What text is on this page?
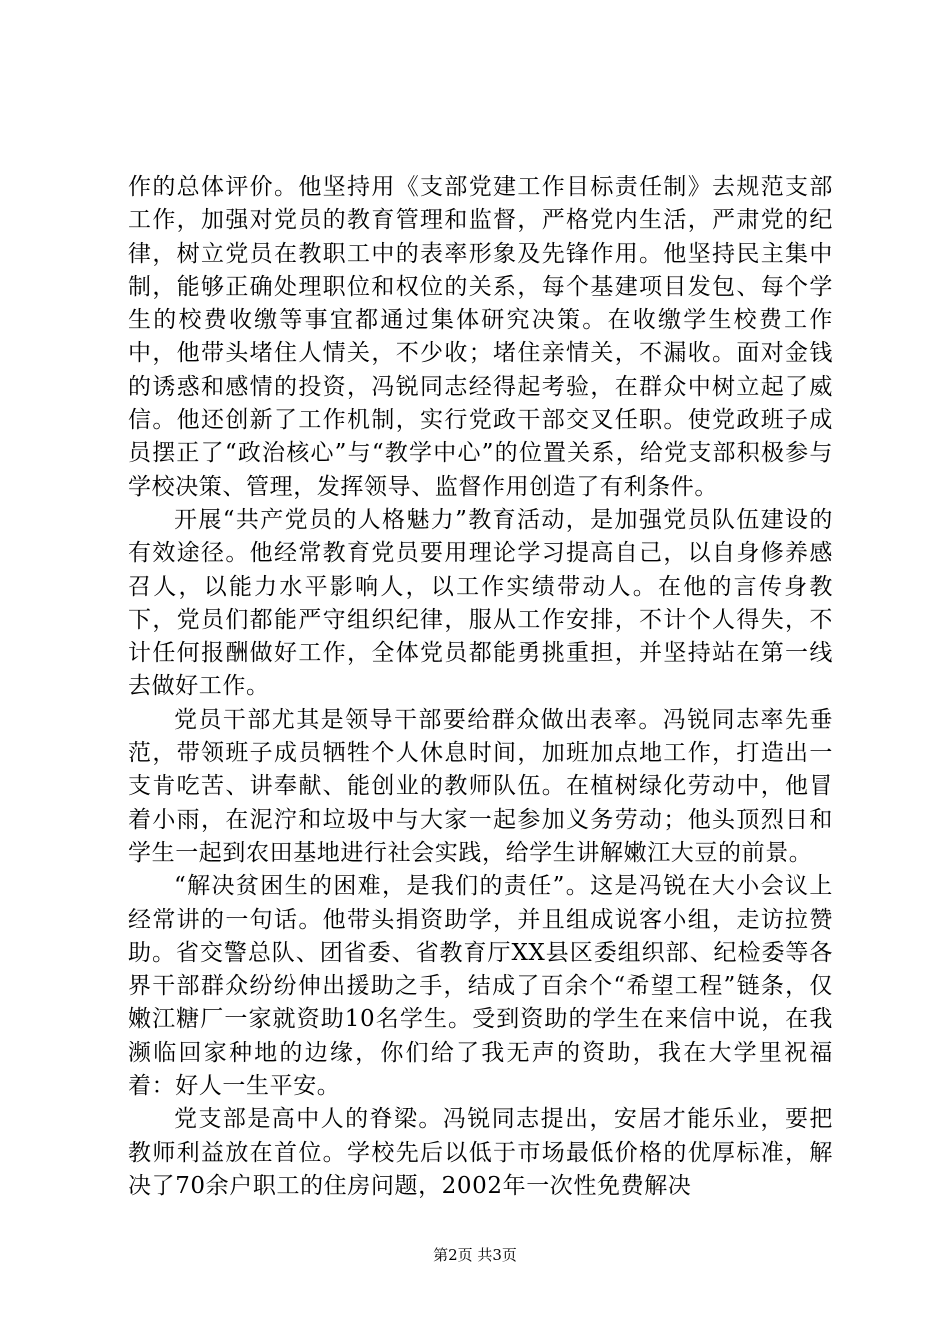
作的总体评价。他坚持用《支部党建工作目标责任制》去规范支部工作，加强对党员的教育管理和监督，严格党内生活，严肃党的纪律，树立党员在教职工中的表率形象及先锋作用。他坚持民主集中制，能够正确处理职位和权位的关系，每个基建项目发包、每个学生的校费收缴等事宜都通过集体研究决策。在收缴学生校费工作中，他带头堵住人情关，不少收；堵住亲情关，不漏收。面对金钱的诱惑和感情的投资，冯锐同志经得起考验，在群众中树立起了威信。他还创新了工作机制，实行党政干部交叉任职。使党政班子成员摆正了“政治核心”与“教学中心”的位置关系，给党支部积极参与学校决策、管理，发挥领导、监督作用创造了有利条件。

开展“共产党员的人格魅力”教育活动，是加强党员队伍建设的有效途径。他经常教育党员要用理论学习提高自己，以自身修养感召人，以能力水平影响人，以工作实绩带动人。在他的言传身教下，党员们都能严守组织纪律，服从工作安排，不计个人得失，不计任何报酬做好工作，全体党员都能勇挑重担，并坚持站在第一线去做好工作。

党员干部尤其是领导干部要给群众做出表率。冯锐同志率先垂范，带领班子成员牺牲个人休息时间，加班加点地工作，打造出一支肯吃苦、讲奉献、能创业的教师队伍。在植树绿化劳动中，他冒着小雨，在泥泞和垃圾中与大家一起参加义务劳动；他头顶烈日和学生一起到农田基地进行社会实践，给学生讲解嫩江大豆的前景。

“解决贫困生的困难，是我们的责任”。这是冯锐在大小会议上经常讲的一句话。他带头捐资助学，并且组成说客小组，走访拉赞助。省交警总队、团省委、省教育厅XX县区委组织部、纪检委等各界干部群众纷纷伸出援助之手，结成了百余个“希望工程”链条，仅嫩江糖厂一家就资助10名学生。受到资助的学生在来信中说，在我濒临回家种地的边缘，你们给了我无声的资助，我在大学里祝福着：好人一生平安。

党支部是高中人的脊梁。冯锐同志提出，安居才能乐业，要把教师利益放在首位。学校先后以低于市场最低价格的优厚标准，解决了70余户职工的住房问题，2002年一次性免费解决

第2页 共3页
